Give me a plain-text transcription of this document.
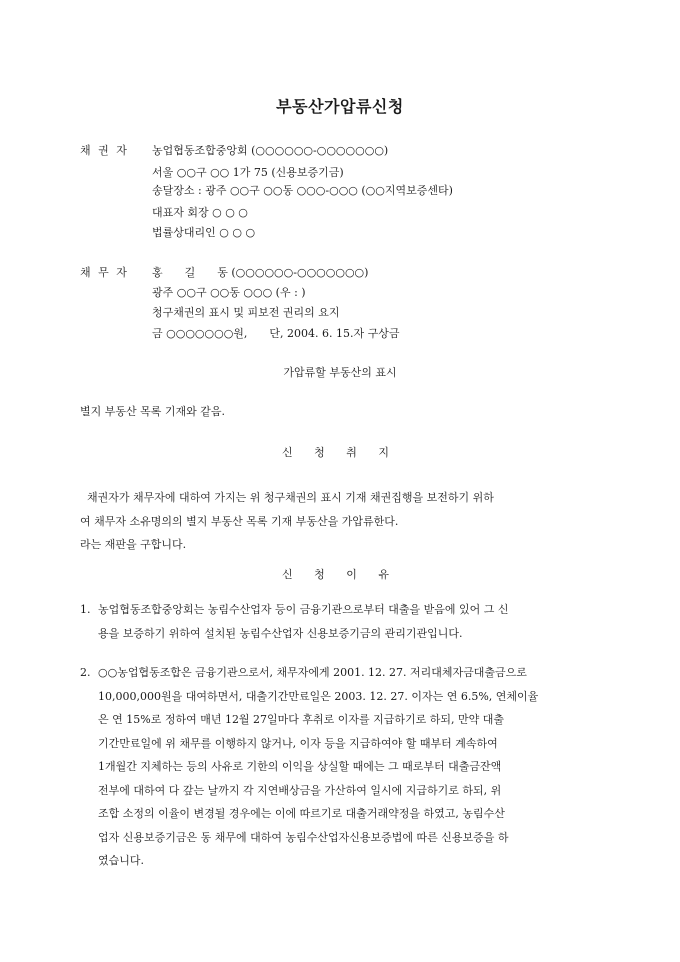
부동산가압류신청
채 권 자 농업협동조합중앙회 (○○○○○○-○○○○○○○)
서울 ○○구 ○○ 1가 75 (신용보증기금)
송달장소 : 광주 ○○구 ○○동 ○○○-○○○ (○○지역보증센타)
대표자 회장 ○ ○ ○
법률상대리인 ○ ○ ○
채 무 자 홍　　길　　동 (○○○○○○-○○○○○○○)
광주 ○○구 ○○동 ○○○ (우 : )
청구채권의 표시 및 피보전 권리의 요지
금 ○○○○○○○원,　　단, 2004. 6. 15.자 구상금
가압류할 부동산의 표시
별지 부동산 목록 기재와 같음.
신 청 취 지
채권자가 채무자에 대하여 가지는 위 청구채권의 표시 기재 채권집행을 보전하기 위하
여 채무자 소유명의의 별지 부동산 목록 기재 부동산을 가압류한다.
라는 재판을 구합니다.
신 청 이 유
1. 농업협동조합중앙회는 농림수산업자 등이 금융기관으로부터 대출을 받음에 있어 그 신
용을 보증하기 위하여 설치된 농림수산업자 신용보증기금의 관리기관입니다.
2. ○○농업협동조합은 금융기관으로서, 채무자에게 2001. 12. 27. 저리대체자금대출금으로
10,000,000원을 대여하면서, 대출기간만료일은 2003. 12. 27. 이자는 연 6.5%, 연체이율
은 연 15%로 정하여 매년 12월 27일마다 후취로 이자를 지급하기로 하되, 만약 대출
기간만료일에 위 채무를 이행하지 않거나, 이자 등을 지급하여야 할 때부터 계속하여
1개월간 지체하는 등의 사유로 기한의 이익을 상실할 때에는 그 때로부터 대출금잔액
전부에 대하여 다 갚는 날까지 각 지연배상금을 가산하여 일시에 지급하기로 하되, 위
조합 소정의 이율이 변경될 경우에는 이에 따르기로 대출거래약정을 하였고, 농림수산
업자 신용보증기금은 동 채무에 대하여 농림수산업자신용보증법에 따른 신용보증을 하
였습니다.
